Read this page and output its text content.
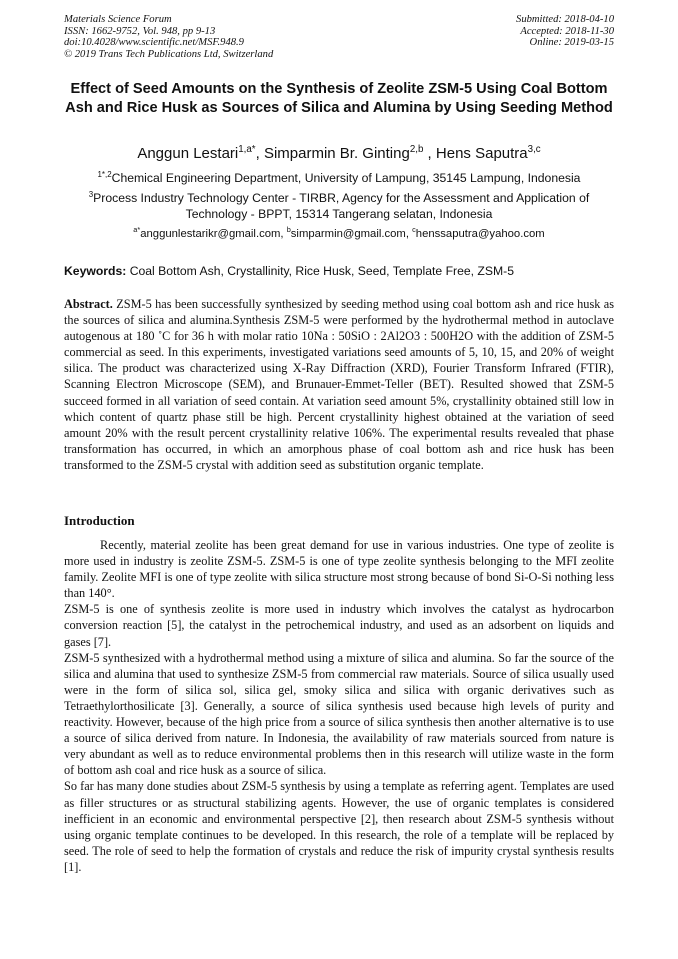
Materials Science Forum
ISSN: 1662-9752, Vol. 948, pp 9-13
doi:10.4028/www.scientific.net/MSF.948.9
© 2019 Trans Tech Publications Ltd, Switzerland
Submitted: 2018-04-10
Accepted: 2018-11-30
Online: 2019-03-15
Effect of Seed Amounts on the Synthesis of Zeolite ZSM-5 Using Coal Bottom Ash and Rice Husk as Sources of Silica and Alumina by Using Seeding Method
Anggun Lestari$^{1,a*}$, Simparmin Br. Ginting$^{2,b}$ , Hens Saputra$^{3,c}$
$^{1*,2}$Chemical Engineering Department, University of Lampung, 35145 Lampung, Indonesia
$^3$Process Industry Technology Center - TIRBR, Agency for the Assessment and Application of Technology - BPPT, 15314 Tangerang selatan, Indonesia
$^{a*}$anggunlestarikr@gmail.com, $^b$simparmin@gmail.com, $^c$henssaputra@yahoo.com
Keywords: Coal Bottom Ash, Crystallinity, Rice Husk, Seed, Template Free, ZSM-5
Abstract. ZSM-5 has been successfully synthesized by seeding method using coal bottom ash and rice husk as the sources of silica and alumina.Synthesis ZSM-5 were performed by the hydrothermal method in autoclave autogenous at 180 ˚C for 36 h with molar ratio 10Na : 50SiO : 2Al2O3 : 500H2O with the addition of ZSM-5 commercial as seed. In this experiments, investigated variations seed amounts of 5, 10, 15, and 20% of weight silica. The product was characterized using X-Ray Diffraction (XRD), Fourier Transform Infrared (FTIR), Scanning Electron Microscope (SEM), and Brunauer-Emmet-Teller (BET). Resulted showed that ZSM-5 succeed formed in all variation of seed contain. At variation seed amount 5%, crystallinity obtained still low in which content of quartz phase still be high. Percent crystallinity highest obtained at the variation of seed amount 20% with the result percent crystallinity relative 106%. The experimental results revealed that phase transformation has occurred, in which an amorphous phase of coal bottom ash and rice husk has been transformed to the ZSM-5 crystal with addition seed as substitution organic template.
Introduction

Recently, material zeolite has been great demand for use in various industries. One type of zeolite is more used in industry is zeolite ZSM-5. ZSM-5 is one of type zeolite synthesis belonging to the MFI zeolite family. Zeolite MFI is one of type zeolite with silica structure most strong because of bond Si-O-Si nothing less than 140°.

ZSM-5 is one of synthesis zeolite is more used in industry which involves the catalyst as hydrocarbon conversion reaction [5], the catalyst in the petrochemical industry, and used as an adsorbent on liquids and gases [7].

ZSM-5 synthesized with a hydrothermal method using a mixture of silica and alumina. So far the source of the silica and alumina that used to synthesize ZSM-5 from commercial raw materials. Source of silica usually used were in the form of silica sol, silica gel, smoky silica and silica with organic derivatives such as Tetraethylorthosilicate [3]. Generally, a source of silica synthesis used because high levels of purity and reactivity. However, because of the high price from a source of silica synthesis then another alternative is to use a source of silica derived from nature. In Indonesia, the availability of raw materials sourced from nature is very abundant as well as to reduce environmental problems then in this research will utilize waste in the form of bottom ash coal and rice husk as a source of silica.

So far has many done studies about ZSM-5 synthesis by using a template as referring agent. Templates are used as filler structures or as structural stabilizing agents. However, the use of organic templates is considered inefficient in an economic and environmental perspective [2], then research about ZSM-5 synthesis without using organic template continues to be developed. In this research, the role of a template will be replaced by seed. The role of seed to help the formation of crystals and reduce the risk of impurity crystal synthesis results [1].
